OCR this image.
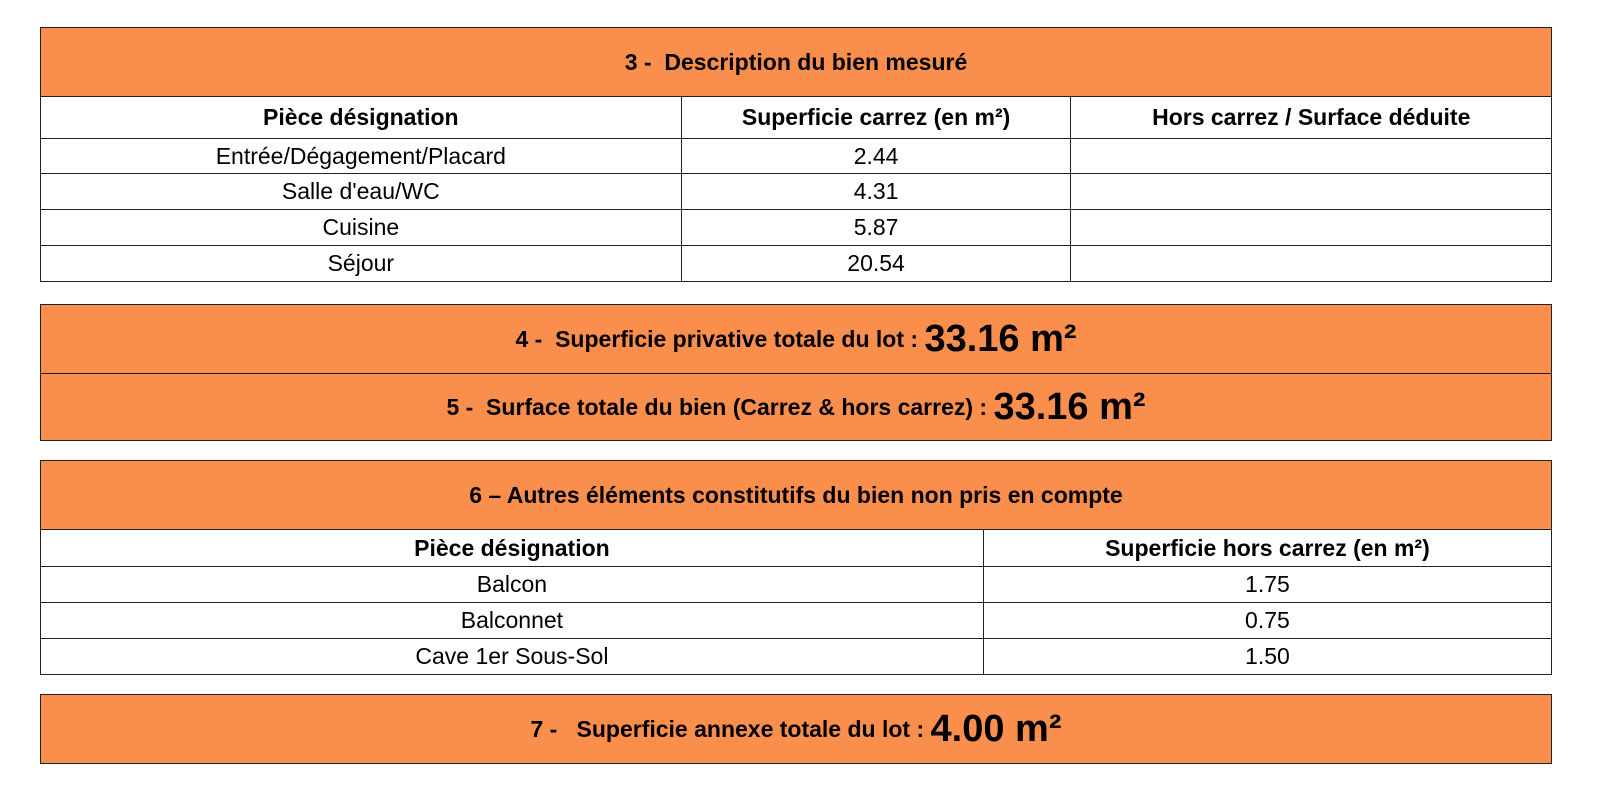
3 -  Description du bien mesuré
Pièce désignation	Superficie carrez (en m²)	Hors carrez / Surface déduite
Entrée/Dégagement/Placard	2.44	
Salle d'eau/WC	4.31	
Cuisine	5.87	
Séjour	20.54	
4 -  Superficie privative totale du lot : 33.16 m²
5 -  Surface totale du bien (Carrez & hors carrez) : 33.16 m²
6 – Autres éléments constitutifs du bien non pris en compte
Pièce désignation	Superficie hors carrez (en m²)
Balcon	1.75
Balconnet	0.75
Cave 1er Sous-Sol	1.50
7 -   Superficie annexe totale du lot : 4.00 m²
